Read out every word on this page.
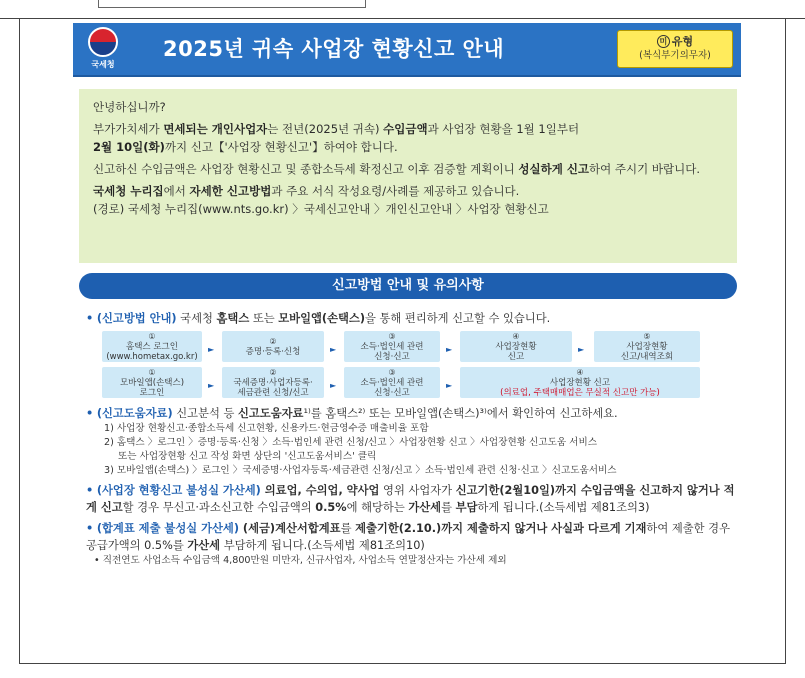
국세청
2025년 귀속 사업장 현황신고 안내	미 유형
(복식부기의무자)

안녕하십니까?

부가가치세가 면세되는 개인사업자는 전년(2025년 귀속) 수입금액과 사업장 현황을 1월 1일부터
2월 10일(화)까지 신고【'사업장 현황신고'】하여야 합니다.

신고하신 수입금액은 사업장 현황신고 및 종합소득세 확정신고 이후 검증할 계획이니 성실하게 신고하여 주시기 바랍니다.

국세청 누리집에서 자세한 신고방법과 주요 서식 작성요령/사례를 제공하고 있습니다.

(경로) 국세청 누리집(www.nts.go.kr) 〉국세신고안내 〉개인신고안내 〉사업장 현황신고

신고방법 안내 및 유의사항
• (신고방법 안내) 국세청 홈택스 또는 모바일앱(손택스)을 통해 편리하게 신고할 수 있습니다.
①
홈택스 로그인
(www.hometax.go.kr)
►
②
증명·등록·신청	►
③
소득·법인세 관련
신청·신고
►
④
사업장현황
신고
►
⑤
사업장현황
신고/내역조회
①
모바일앱(손택스)
로그인
►
②
국세증명·사업자등록·
세금관련 신청/신고
►
③
소득·법인세 관련
신청·신고
►
④
사업장현황 신고
(의료업, 주택매매업은 무실적 신고만 가능)
• (신고도움자료) 신고분석 등 신고도움자료¹⁾를 홈택스²⁾ 또는 모바일앱(손택스)³⁾에서 확인하여 신고하세요.
1) 사업장 현황신고·종합소득세 신고현황, 신용카드·현금영수증 매출비율 포함
2) 홈택스 〉로그인 〉증명·등록·신청 〉소득·법인세 관련 신청/신고 〉사업장현황 신고 〉사업장현황 신고도움 서비스
또는 사업장현황 신고 작성 화면 상단의 '신고도움서비스' 클릭
3) 모바일앱(손택스) 〉로그인 〉국세증명·사업자등록·세금관련 신청/신고 〉소득·법인세 관련 신청·신고 〉신고도움서비스
• (사업장 현황신고 불성실 가산세) 의료업, 수의업, 약사업 영위 사업자가 신고기한(2월10일)까지 수입금액을 신고하지 않거나 적게 신고할 경우 무신고·과소신고한 수입금액의 0.5%에 해당하는 가산세를 부담하게 됩니다.(소득세법 제81조의3)
• (합계표 제출 불성실 가산세) (세금)계산서합계표를 제출기한(2.10.)까지 제출하지 않거나 사실과 다르게 기재하여 제출한 경우 공급가액의 0.5%를 가산세 부담하게 됩니다.(소득세법 제81조의10)
• 직전연도 사업소득 수입금액 4,800만원 미만자, 신규사업자, 사업소득 연말정산자는 가산세 제외
